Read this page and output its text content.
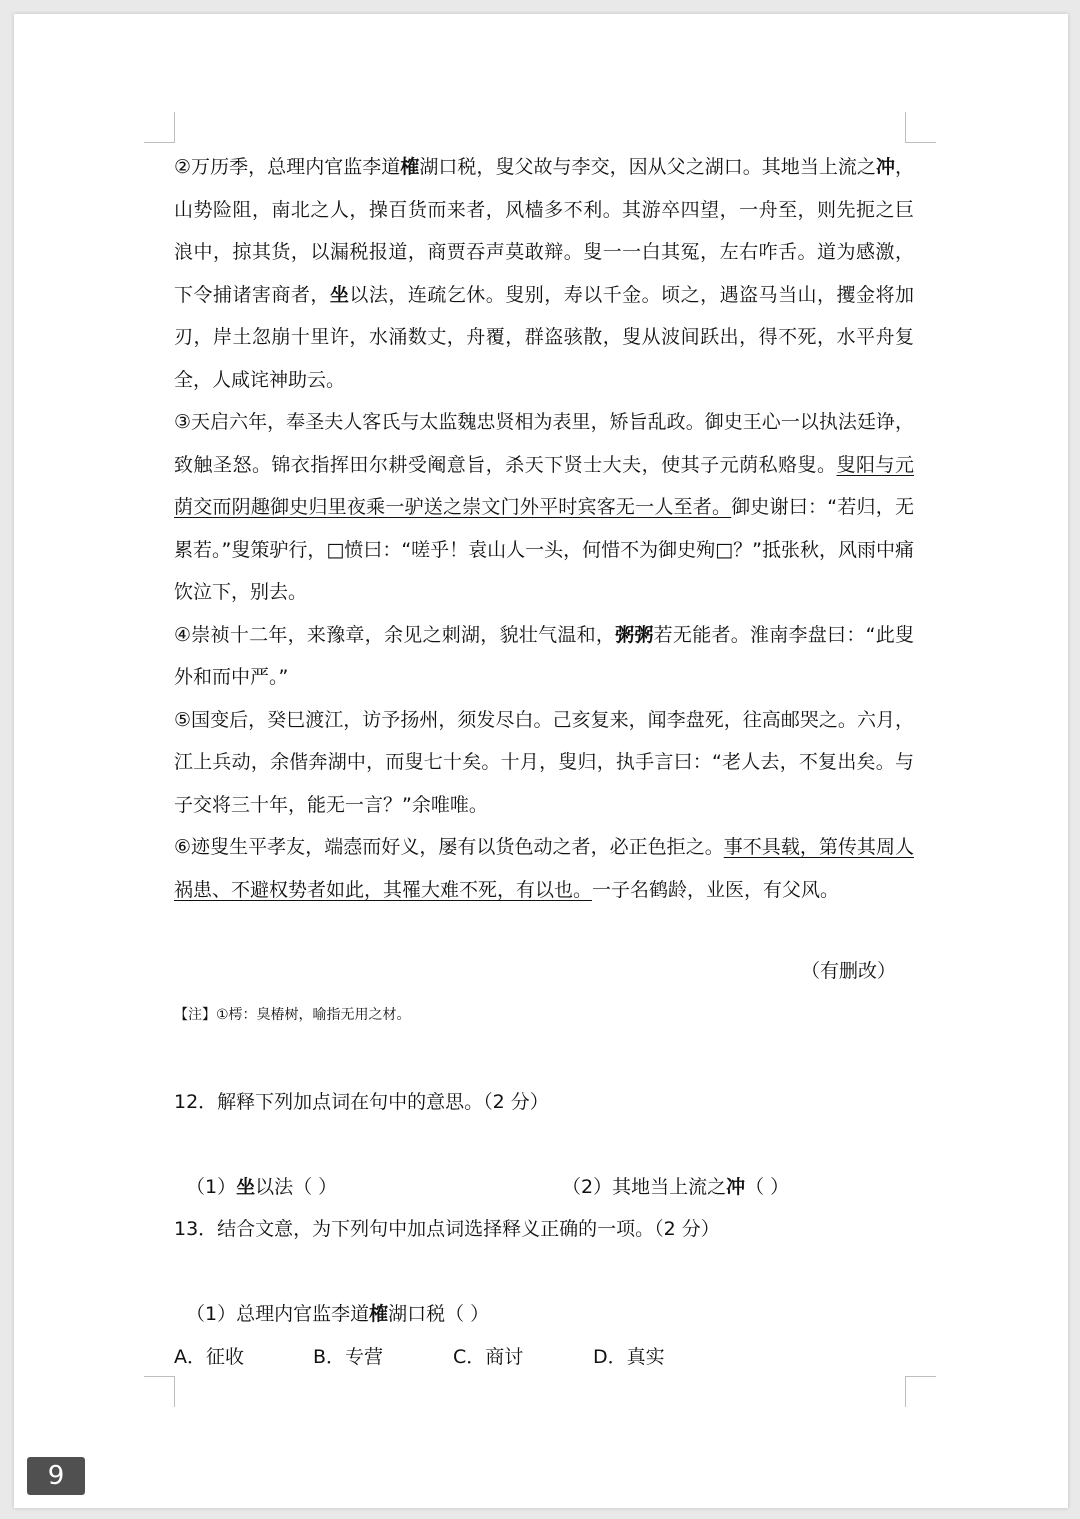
②万历季，总理内官监李道榷湖口税，叟父故与李交，因从父之湖口。其地当上流之冲，山势险阻，南北之人，操百货而来者，风樯多不利。其游卒四望，一舟至，则先扼之巨浪中，掠其货，以漏税报道，商贾吞声莫敢辩。叟一一白其冤，左右咋舌。道为感激，下令捕诸害商者，坐以法，连疏乞休。叟别，寿以千金。顷之，遇盗马当山，攫金将加刃，岸土忽崩十里许，水涌数丈，舟覆，群盗骇散，叟从波间跃出，得不死，水平舟复全，人咸诧神助云。

③天启六年，奉圣夫人客氏与太监魏忠贤相为表里，矫旨乱政。御史王心一以执法廷诤，致触圣怒。锦衣指挥田尔耕受阉意旨，杀天下贤士大夫，使其子元荫私赂叟。叟阳与元荫交而阴趣御史归里夜乘一驴送之崇文门外平时宾客无一人至者。御史谢曰：“若归，无累若。”叟策驴行，□愤曰：“嗟乎！袁山人一头，何惜不为御史殉□？”抵张秋，风雨中痛饮泣下，别去。

④崇祯十二年，来豫章，余见之刺湖，貌壮气温和，粥粥若无能者。淮南李盘曰：“此叟外和而中严。”

⑤国变后，癸巳渡江，访予扬州，须发尽白。己亥复来，闻李盘死，往高邮哭之。六月，江上兵动，余偕奔湖中，而叟七十矣。十月，叟归，执手言曰：“老人去，不复出矣。与子交将三十年，能无一言？”余唯唯。

⑥迹叟生平孝友，端悫而好义，屡有以货色动之者，必正色拒之。事不具载，第传其周人祸患、不避权势者如此，其罹大难不死，有以也。一子名鹤龄，业医，有父风。

（有删改）
【注】①樗：臭椿树，喻指无用之材。
12．解释下列加点词在句中的意思。（2 分）
（1）坐以法（ ）	（2）其地当上流之冲（ ）
13．结合文意，为下列句中加点词选择释义正确的一项。（2 分）
（1）总理内官监李道榷湖口税（ ）
A．征收	B．专营	C．商讨	D．真实
9
